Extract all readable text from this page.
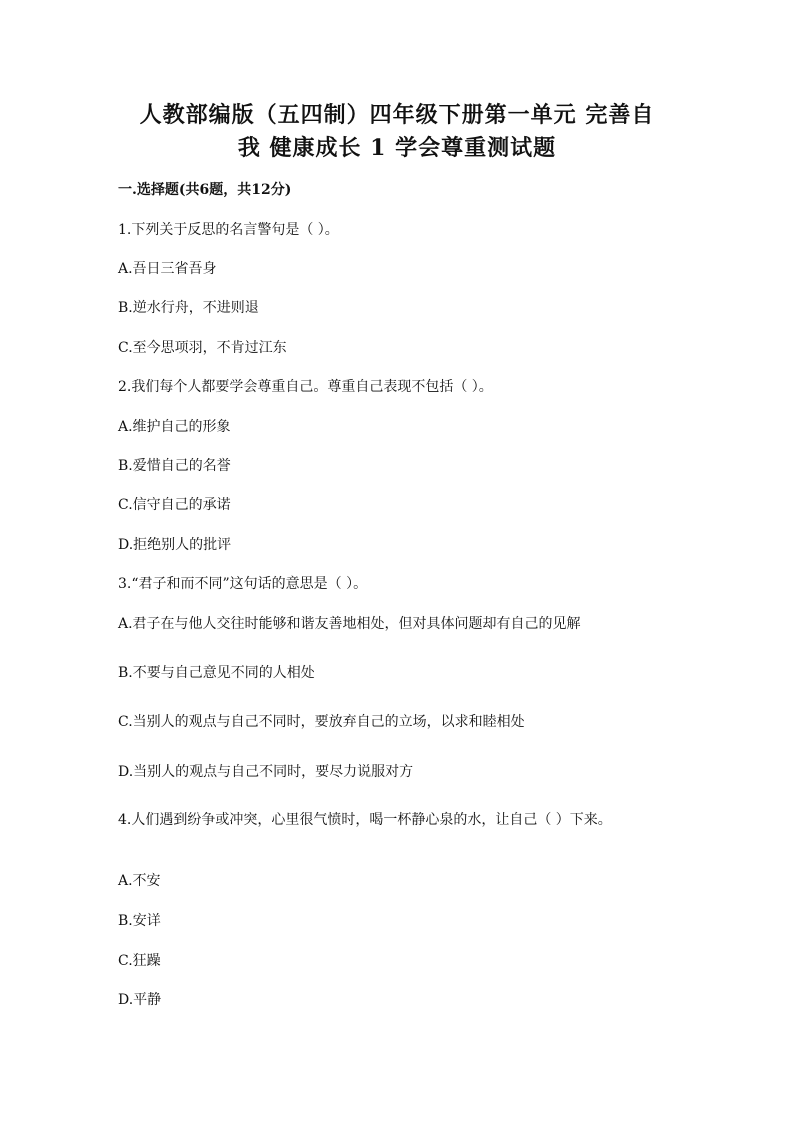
人教部编版（五四制）四年级下册第一单元 完善自
我 健康成长 1 学会尊重测试题
一.选择题(共6题，共12分)
1.下列关于反思的名言警句是（ ）。
A.吾日三省吾身
B.逆水行舟，不进则退
C.至今思项羽，不肯过江东
2.我们每个人都要学会尊重自己。尊重自己表现不包括（ ）。
A.维护自己的形象
B.爱惜自己的名誉
C.信守自己的承诺
D.拒绝别人的批评
3.“君子和而不同”这句话的意思是（ ）。
A.君子在与他人交往时能够和谐友善地相处，但对具体问题却有自己的见解
B.不要与自己意见不同的人相处
C.当别人的观点与自己不同时，要放弃自己的立场，以求和睦相处
D.当别人的观点与自己不同时，要尽力说服对方
4.人们遇到纷争或冲突，心里很气愤时，喝一杯静心泉的水，让自己（ ）下来。
A.不安
B.安详
C.狂躁
D.平静
